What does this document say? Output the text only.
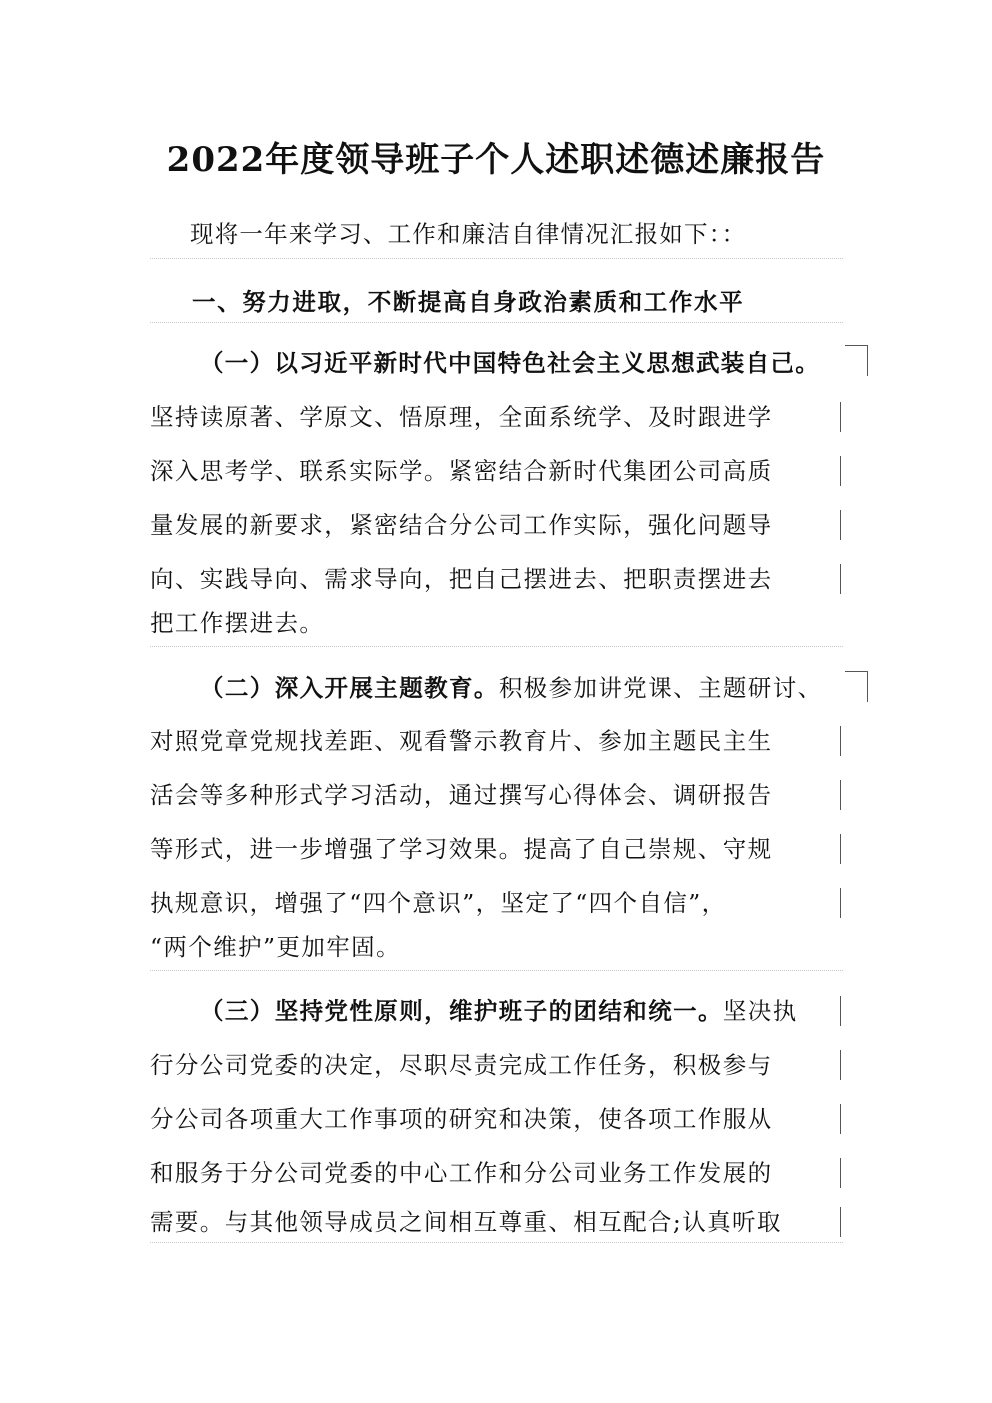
2022年度领导班子个人述职述德述廉报告
现将一年来学习、工作和廉洁自律情况汇报如下：：
一、努力进取，不断提高自身政治素质和工作水平
（一）以习近平新时代中国特色社会主义思想武装自己。
坚持读原著、学原文、悟原理，全面系统学、及时跟进学
深入思考学、联系实际学。紧密结合新时代集团公司高质
量发展的新要求，紧密结合分公司工作实际，强化问题导
向、实践导向、需求导向，把自己摆进去、把职责摆进去
把工作摆进去。
（二）深入开展主题教育。积极参加讲党课、主题研讨、
对照党章党规找差距、观看警示教育片、参加主题民主生
活会等多种形式学习活动，通过撰写心得体会、调研报告
等形式，进一步增强了学习效果。提高了自己崇规、守规
执规意识，增强了“四个意识”，坚定了“四个自信”，
“两个维护”更加牢固。
（三）坚持党性原则，维护班子的团结和统一。坚决执
行分公司党委的决定，尽职尽责完成工作任务，积极参与
分公司各项重大工作事项的研究和决策，使各项工作服从
和服务于分公司党委的中心工作和分公司业务工作发展的
需要。与其他领导成员之间相互尊重、相互配合;认真听取
